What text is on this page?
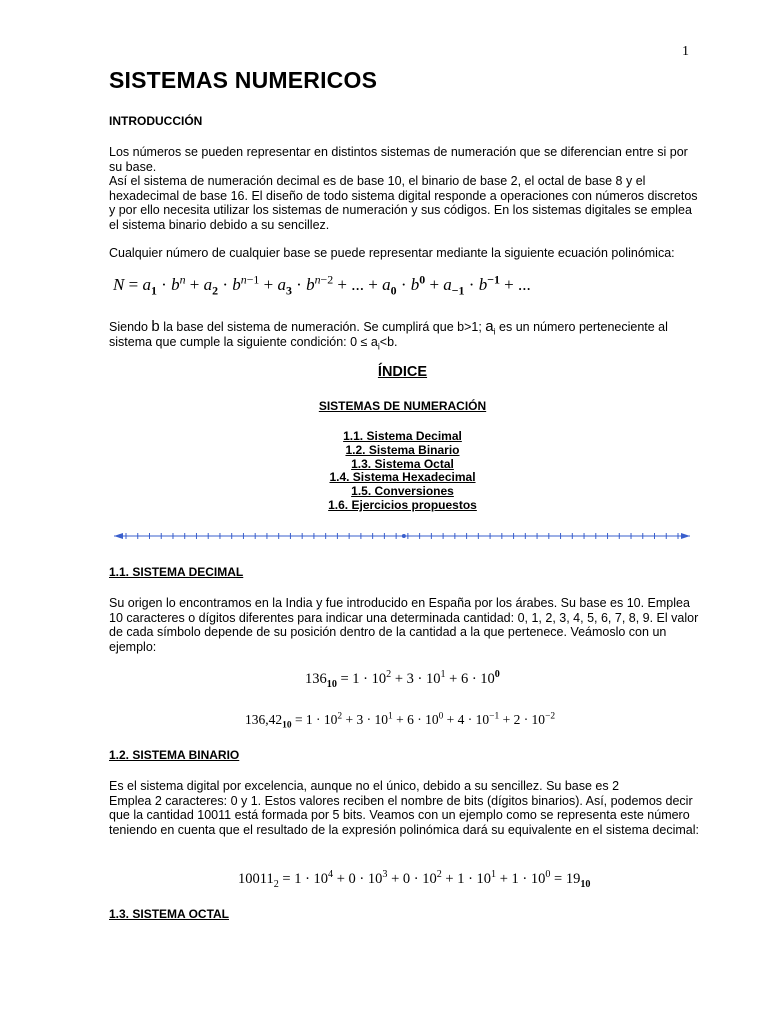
1
SISTEMAS NUMERICOS
INTRODUCCIÓN

Los números se pueden representar en distintos sistemas de numeración que se diferencian entre si por su base.

Así el sistema de numeración decimal es de base 10, el binario de base 2, el octal de base 8 y el hexadecimal de base 16. El diseño de todo sistema digital responde a operaciones con números discretos y por ello necesita utilizar los sistemas de numeración y sus códigos. En los sistemas digitales se emplea el sistema binario debido a su sencillez.

Cualquier número de cualquier base se puede representar mediante la siguiente ecuación polinómica:
$N = a_1 \cdot b^n + a_2 \cdot b^{n-1} + a_3 \cdot b^{n-2}$ + ... + $a_0 \cdot b^0 + a_{-1} \cdot b^{-1}$ + ...
Siendo b la base del sistema de numeración. Se cumplirá que b>1; $a_i$ es un número perteneciente al sistema que cumple la siguiente condición: $0 \le a_i<b$.
ÍNDICE
SISTEMAS DE NUMERACIÓN
1.1. Sistema Decimal
1.2. Sistema Binario
1.3. Sistema Octal
1.4. Sistema Hexadecimal
1.5. Conversiones
1.6. Ejercicios propuestos
1.1. SISTEMA DECIMAL
Su origen lo encontramos en la India y fue introducido en España por los árabes. Su base es 10. Emplea 10 caracteres o dígitos diferentes para indicar una determinada cantidad: 0, 1, 2, 3, 4, 5, 6, 7, 8, 9. El valor de cada símbolo depende de su posición dentro de la cantidad a la que pertenece. Veámoslo con un ejemplo:
$136_{10} = 1 \cdot 10^2 + 3 \cdot 10^1 + 6 \cdot 10^0$
$136,42_{10} = 1 \cdot 10^2 + 3 \cdot 10^1 + 6 \cdot 10^0 + 4 \cdot 10^{-1} + 2 \cdot 10^{-2}$
1.2. SISTEMA BINARIO

Es el sistema digital por excelencia, aunque no el único, debido a su sencillez. Su base es 2

Emplea 2 caracteres: 0 y 1. Estos valores reciben el nombre de bits (dígitos binarios). Así, podemos decir que la cantidad 10011 está formada por 5 bits. Veamos con un ejemplo como se representa este número teniendo en cuenta que el resultado de la expresión polinómica dará su equivalente en el sistema decimal:

$10011_2 = 1 \cdot 10^4 + 0 \cdot 10^3 + 0 \cdot 10^2 + 1 \cdot 10^1 + 1 \cdot 10^0 = 19_{10}$
1.3. SISTEMA OCTAL
